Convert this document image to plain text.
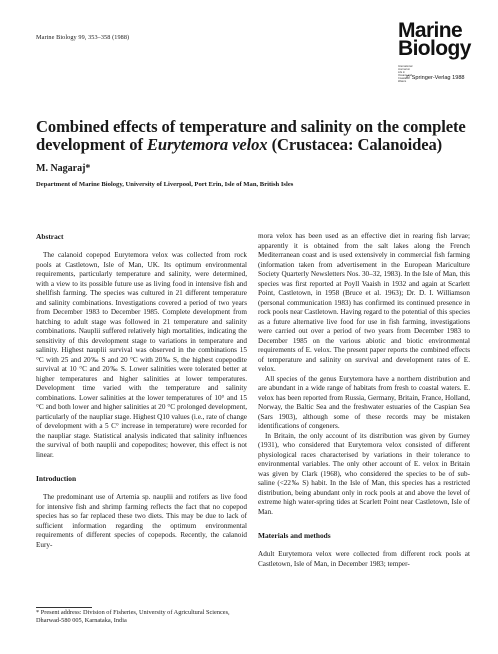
Marine Biology 99, 353–358 (1988)	Marine
Biology
International Journal on Life in Oceans and Coastal Waters
© Springer-Verlag 1988
Combined effects of temperature and salinity on the complete development of Eurytemora velox (Crustacea: Calanoidea)
M. Nagaraj*
Department of Marine Biology, University of Liverpool, Port Erin, Isle of Man, British Isles
Abstract

The calanoid copepod Eurytemora velox was collected from rock pools at Castletown, Isle of Man, UK. Its optimum environmental requirements, particularly temperature and salinity, were determined, with a view to its possible future use as living food in intensive fish and shellfish farming. The species was cultured in 21 different temperature and salinity combinations. Investigations covered a period of two years from December 1983 to December 1985. Complete development from hatching to adult stage was followed in 21 temperature and salinity combinations. Nauplii suffered relatively high mortalities, indicating the sensitivity of this development stage to variations in temperature and salinity. Highest nauplii survival was observed in the combinations 15 °C with 25 and 20‰ S and 20 °C with 20‰ S, the highest copepodite survival at 10 °C and 20‰ S. Lower salinities were tolerated better at higher temperatures and higher salinities at lower temperatures. Development time varied with the temperature and salinity combinations. Lower salinities at the lower temperatures of 10° and 15 °C and both lower and higher salinities at 20 °C prolonged development, particularly of the naupliar stage. Highest Q10 values (i.e., rate of change of development with a 5 C° increase in temperature) were recorded for the naupliar stage. Statistical analysis indicated that salinity influences the survival of both nauplii and copepodites; however, this effect is not linear.

Introduction

The predominant use of Artemia sp. nauplii and rotifers as live food for intensive fish and shrimp farming reflects the fact that no copepod species has so far replaced these two diets. This may be due to lack of sufficient information regarding the optimum environmental requirements of different species of copepods. Recently, the calanoid Eury-

* Present address: Division of Fisheries, University of Agricultural Sciences, Dharwad-580 005, Karnataka, India

mora velox has been used as an effective diet in rearing fish larvae; apparently it is obtained from the salt lakes along the French Mediterranean coast and is used extensively in commercial fish farming (information taken from advertisement in the European Mariculture Society Quarterly Newsletters Nos. 30–32, 1983). In the Isle of Man, this species was first reported at Poyll Vaaish in 1932 and again at Scarlett Point, Castletown, in 1958 (Bruce et al. 1963); Dr. D. I. Williamson (personal communication 1983) has confirmed its continued presence in rock pools near Castletown. Having regard to the potential of this species as a future alternative live food for use in fish farming, investigations were carried out over a period of two years from December 1983 to December 1985 on the various abiotic and biotic environmental requirements of E. velox. The present paper reports the combined effects of temperature and salinity on survival and development rates of E. velox.

All species of the genus Eurytemora have a northern distribution and are abundant in a wide range of habitats from fresh to coastal waters. E. velox has been reported from Russia, Germany, Britain, France, Holland, Norway, the Baltic Sea and the freshwater estuaries of the Caspian Sea (Sars 1903), although some of these records may be mistaken identifications of congeners.

In Britain, the only account of its distribution was given by Gurney (1931), who considered that Eurytemora velox consisted of different physiological races characterised by variations in their tolerance to environmental variables. The only other account of E. velox in Britain was given by Clark (1968), who considered the species to be of sub-saline (<22‰ S) habit. In the Isle of Man, this species has a restricted distribution, being abundant only in rock pools at and above the level of extreme high water-spring tides at Scarlett Point near Castletown, Isle of Man.

Materials and methods

Adult Eurytemora velox were collected from different rock pools at Castletown, Isle of Man, in December 1983; temper-
